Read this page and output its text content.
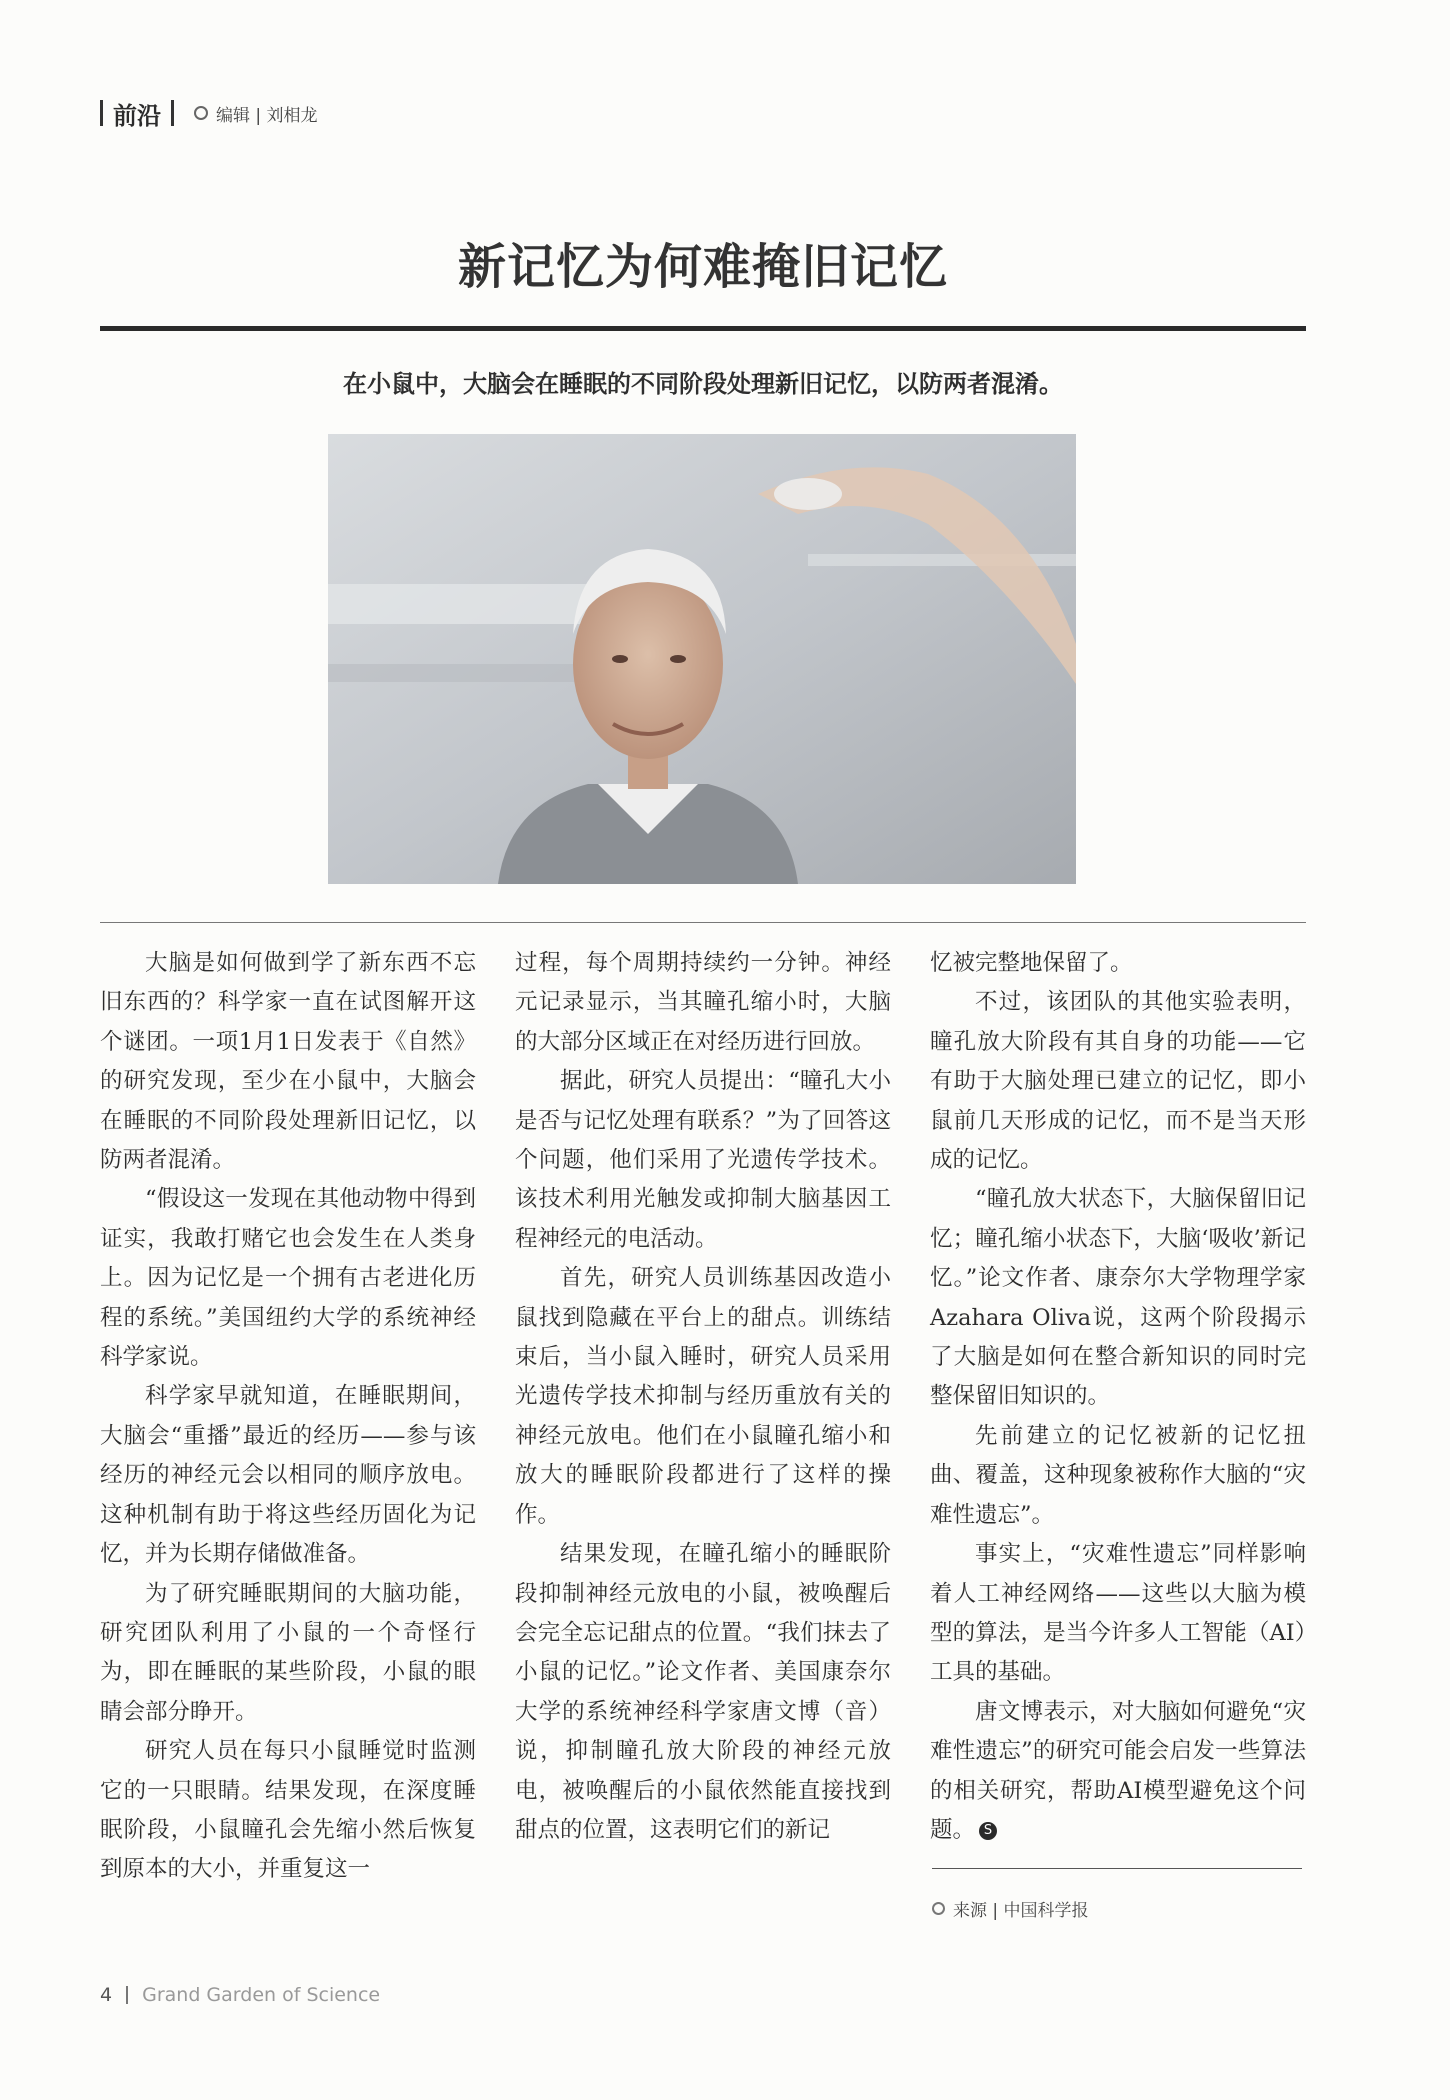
前沿	编辑 | 刘相龙
新记忆为何难掩旧记忆
在小鼠中，大脑会在睡眠的不同阶段处理新旧记忆，以防两者混淆。

大脑是如何做到学了新东西不忘旧东西的？科学家一直在试图解开这个谜团。一项1月1日发表于《自然》的研究发现，至少在小鼠中，大脑会在睡眠的不同阶段处理新旧记忆，以防两者混淆。

“假设这一发现在其他动物中得到证实，我敢打赌它也会发生在人类身上。因为记忆是一个拥有古老进化历程的系统。”美国纽约大学的系统神经科学家说。

科学家早就知道，在睡眠期间，大脑会“重播”最近的经历——参与该经历的神经元会以相同的顺序放电。这种机制有助于将这些经历固化为记忆，并为长期存储做准备。

为了研究睡眠期间的大脑功能，研究团队利用了小鼠的一个奇怪行为，即在睡眠的某些阶段，小鼠的眼睛会部分睁开。

研究人员在每只小鼠睡觉时监测它的一只眼睛。结果发现，在深度睡眠阶段，小鼠瞳孔会先缩小然后恢复到原本的大小，并重复这一

过程，每个周期持续约一分钟。神经元记录显示，当其瞳孔缩小时，大脑的大部分区域正在对经历进行回放。

据此，研究人员提出：“瞳孔大小是否与记忆处理有联系？”为了回答这个问题，他们采用了光遗传学技术。该技术利用光触发或抑制大脑基因工程神经元的电活动。

首先，研究人员训练基因改造小鼠找到隐藏在平台上的甜点。训练结束后，当小鼠入睡时，研究人员采用光遗传学技术抑制与经历重放有关的神经元放电。他们在小鼠瞳孔缩小和放大的睡眠阶段都进行了这样的操作。

结果发现，在瞳孔缩小的睡眠阶段抑制神经元放电的小鼠，被唤醒后会完全忘记甜点的位置。“我们抹去了小鼠的记忆。”论文作者、美国康奈尔大学的系统神经科学家唐文博（音）说，抑制瞳孔放大阶段的神经元放电，被唤醒后的小鼠依然能直接找到甜点的位置，这表明它们的新记

忆被完整地保留了。

不过，该团队的其他实验表明，瞳孔放大阶段有其自身的功能——它有助于大脑处理已建立的记忆，即小鼠前几天形成的记忆，而不是当天形成的记忆。

“瞳孔放大状态下，大脑保留旧记忆；瞳孔缩小状态下，大脑‘吸收’新记忆。”论文作者、康奈尔大学物理学家Azahara Oliva说，这两个阶段揭示了大脑是如何在整合新知识的同时完整保留旧知识的。

先前建立的记忆被新的记忆扭曲、覆盖，这种现象被称作大脑的“灾难性遗忘”。

事实上，“灾难性遗忘”同样影响着人工神经网络——这些以大脑为模型的算法，是当今许多人工智能（AI）工具的基础。

唐文博表示，对大脑如何避免“灾难性遗忘”的研究可能会启发一些算法的相关研究，帮助AI模型避免这个问题。 S

来源 | 中国科学报
4 Grand Garden of Science
